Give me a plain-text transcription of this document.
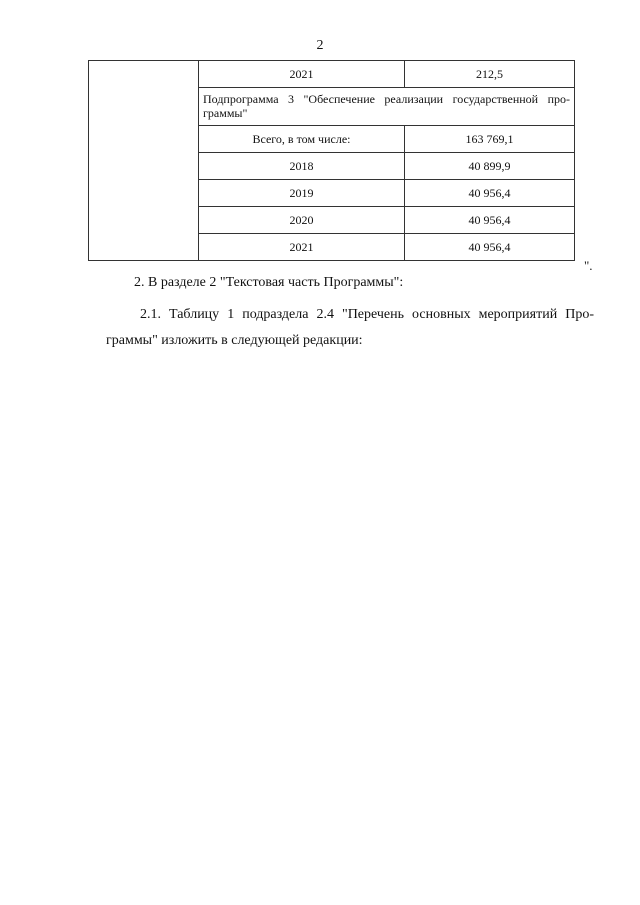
2
	2021	212,5
	Подпрограмма 3 "Обеспечение реализации государственной про-граммы"	
	Всего, в том числе:	163 769,1
	2018	40 899,9
	2019	40 956,4
	2020	40 956,4
	2021	40 956,4
".

2. В разделе 2 "Текстовая часть Программы":

2.1. Таблицу 1 подраздела 2.4 "Перечень основных мероприятий Про-граммы" изложить в следующей редакции:
